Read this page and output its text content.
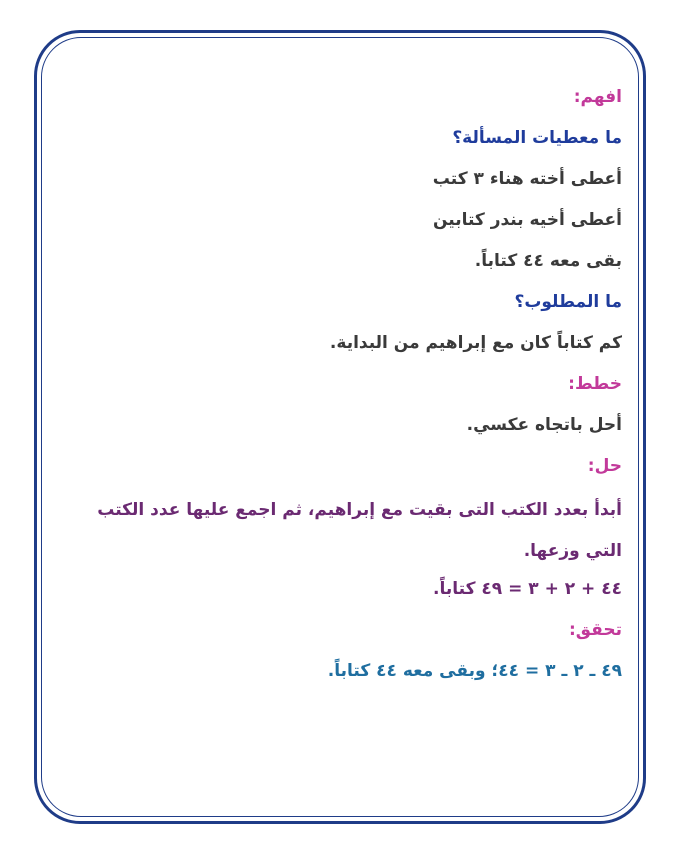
افهم:
ما معطيات المسألة؟
أعطى أخته هناء ٣ كتب
أعطى أخيه بندر كتابين
بقى معه ٤٤ كتاباً.
ما المطلوب؟
كم كتاباً كان مع إبراهيم من البداية.
خطط:
أحل باتجاه عكسي.
حل:
أبدأ بعدد الكتب التى بقيت مع إبراهيم، ثم اجمع عليها عدد الكتب التي وزعها.
٤٤ + ٢ + ٣ = ٤٩ كتاباً.
تحقق:
٤٩ ـ ٢ ـ ٣ = ٤٤؛ وبقى معه ٤٤ كتاباً.
